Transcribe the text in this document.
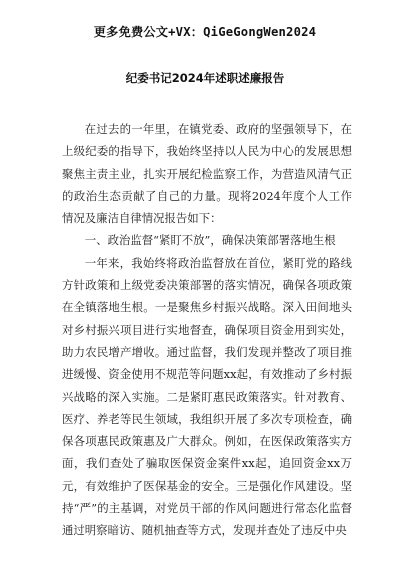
更多免费公文+VX：QiGeGongWen2024
纪委书记2024年述职述廉报告

在过去的一年里，在镇党委、政府的坚强领导下，在上级纪委的指导下，我始终坚持以人民为中心的发展思想聚焦主责主业，扎实开展纪检监察工作，为营造风清气正的政治生态贡献了自己的力量。现将2024年度个人工作情况及廉洁自律情况报告如下：

一、政治监督“紧盯不放”，确保决策部署落地生根

一年来，我始终将政治监督放在首位，紧盯党的路线方针政策和上级党委决策部署的落实情况，确保各项政策在全镇落地生根。一是聚焦乡村振兴战略。深入田间地头对乡村振兴项目进行实地督查，确保项目资金用到实处，助力农民增产增收。通过监督，我们发现并整改了项目推进缓慢、资金使用不规范等问题xx起，有效推动了乡村振兴战略的深入实施。二是紧盯惠民政策落实。针对教育、医疗、养老等民生领域，我组织开展了多次专项检查，确保各项惠民政策惠及广大群众。例如，在医保政策落实方面，我们查处了骗取医保资金案件xx起，追回资金xx万元，有效维护了医保基金的安全。三是强化作风建设。坚持“严”的主基调，对党员干部的作风问题进行常态化监督通过明察暗访、随机抽查等方式，发现并查处了违反中央
